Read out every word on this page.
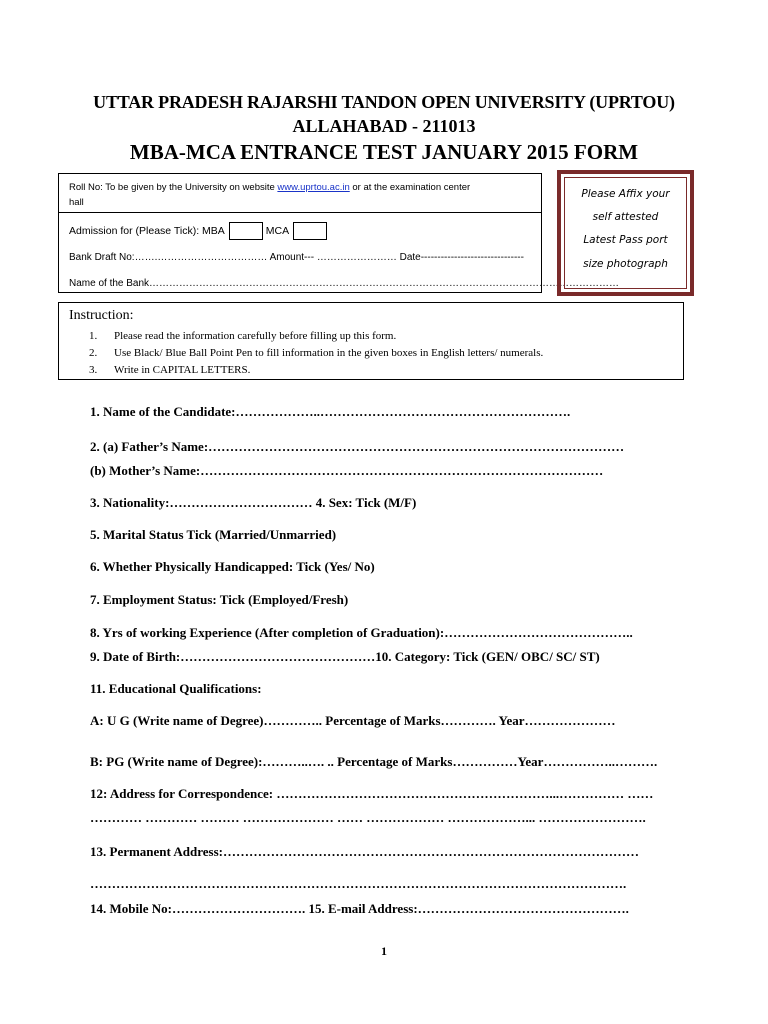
UTTAR PRADESH RAJARSHI TANDON OPEN UNIVERSITY (UPRTOU)
ALLAHABAD - 211013
MBA-MCA ENTRANCE TEST JANUARY 2015 FORM
Roll No: To be given by the University on website www.uprtou.ac.in or at the examination center
hall
Admission for (Please Tick): MBA	MCA
Bank Draft No:…….…………………………… Amount--- …………………… Date-------------------------------
Name of the Bank……………………………………………………………………………………………………………………………
Please Affix your
self attested
Latest Pass port
size photograph
Instruction:
1. Please read the information carefully before filling up this form.
2. Use Black/ Blue Ball Point Pen to fill information in the given boxes in English letters/ numerals.
3. Write in CAPITAL LETTERS.
1. Name of the Candidate:………………..………………………………………………….
2. (a) Father’s Name:……………………………………………………………………………………
(b) Mother’s Name:…………………………………………………………………………………
3. Nationality:…………………………… 4. Sex: Tick (M/F)
5. Marital Status Tick (Married/Unmarried)
6. Whether Physically Handicapped: Tick (Yes/ No)
7. Employment Status: Tick (Employed/Fresh)
8. Yrs of working Experience (After completion of Graduation):……………………………………..
9. Date of Birth:………………………………………10. Category: Tick (GEN/ OBC/ SC/ ST)
11. Educational Qualifications:
A: U G (Write name of Degree)………….. Percentage of Marks…………. Year…………………
B: PG (Write name of Degree):………..…. .. Percentage of Marks……………Year……………..……….
12: Address for Correspondence: ………………………………………………………...…………… ……
………… ………… ……… ………………… …… ……………… ………………... …………………….
13. Permanent Address:……………………………………………………………………………………
…………………………………………………………………………………………………………….
14. Mobile No:…………………………. 15. E-mail Address:………………………………………….
1
